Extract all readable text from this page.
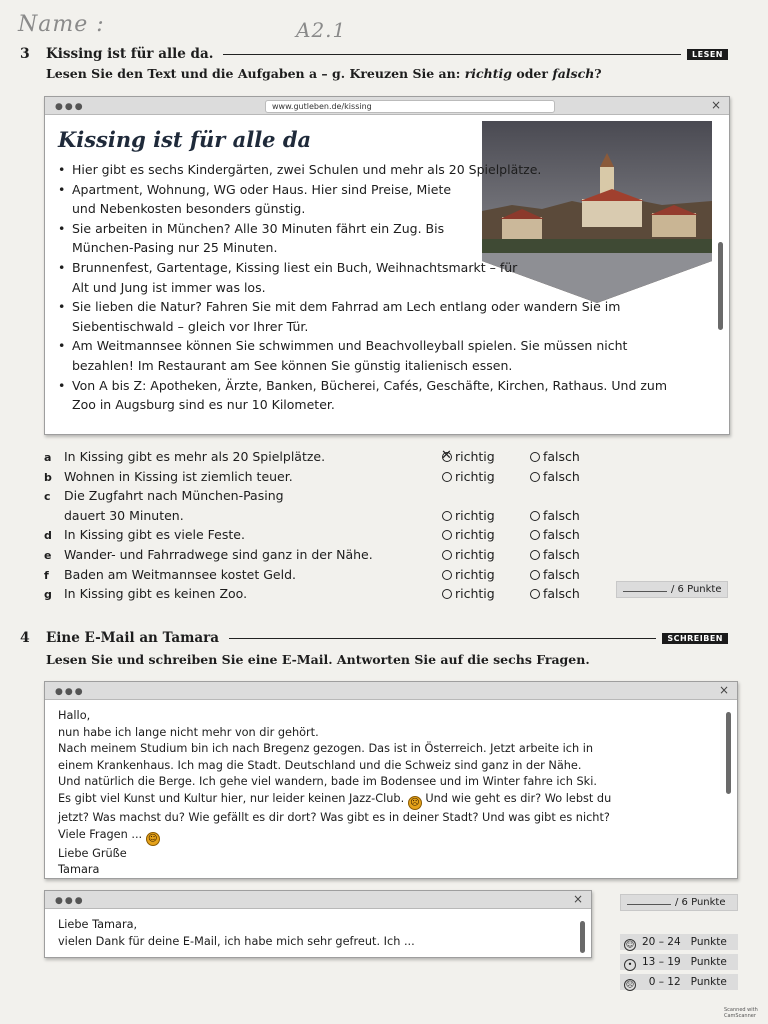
Name :	A2.1
3	Kissing ist für alle da.	LESEN
Lesen Sie den Text und die Aufgaben a – g. Kreuzen Sie an: richtig oder falsch?
●●●	www.gutleben.de/kissing	×
Kissing ist für alle da
• Hier gibt es sechs Kindergärten, zwei Schulen und mehr als 20 Spielplätze.
• Apartment, Wohnung, WG oder Haus. Hier sind Preise, Miete und Nebenkosten besonders günstig.
• Sie arbeiten in München? Alle 30 Minuten fährt ein Zug. Bis München-Pasing nur 25 Minuten.
• Brunnenfest, Gartentage, Kissing liest ein Buch, Weihnachtsmarkt – für Alt und Jung ist immer was los.
• Sie lieben die Natur? Fahren Sie mit dem Fahrrad am Lech entlang oder wandern Sie im Siebentischwald – gleich vor Ihrer Tür.
• Am Weitmannsee können Sie schwimmen und Beachvolleyball spielen. Sie müssen nicht bezahlen! Im Restaurant am See können Sie günstig italienisch essen.
• Von A bis Z: Apotheken, Ärzte, Banken, Bücherei, Cafés, Geschäfte, Kirchen, Rathaus. Und zum Zoo in Augsburg sind es nur 10 Kilometer.
a In Kissing gibt es mehr als 20 Spielplätze.
✕	richtig	falsch
b Wohnen in Kissing ist ziemlich teuer.	richtig	falsch
c Die Zugfahrt nach München-Pasing
dauert 30 Minuten.	richtig	falsch
d In Kissing gibt es viele Feste.	richtig	falsch
e Wander- und Fahrradwege sind ganz in der Nähe.	richtig	falsch
f Baden am Weitmannsee kostet Geld.	richtig	falsch
g In Kissing gibt es keinen Zoo.	richtig	falsch	/ 6 Punkte
4	Eine E-Mail an Tamara	SCHREIBEN
Lesen Sie und schreiben Sie eine E-Mail. Antworten Sie auf die sechs Fragen.
●●●	×
Hallo,
nun habe ich lange nicht mehr von dir gehört.
Nach meinem Studium bin ich nach Bregenz gezogen. Das ist in Österreich. Jetzt arbeite ich in
einem Krankenhaus. Ich mag die Stadt. Deutschland und die Schweiz sind ganz in der Nähe.
Und natürlich die Berge. Ich gehe viel wandern, bade im Bodensee und im Winter fahre ich Ski.
Es gibt viel Kunst und Kultur hier, nur leider keinen Jazz-Club. ☹ Und wie geht es dir? Wo lebst du
jetzt? Was machst du? Wie gefällt es dir dort? Was gibt es in deiner Stadt? Und was gibt es nicht?
Viele Fragen ... ☺
Liebe Grüße
Tamara
●●●	×
Liebe Tamara,
vielen Dank für deine E-Mail, ich habe mich sehr gefreut. Ich ...
/ 6 Punkte
☺ 20 – 24 Punkte
• 13 – 19 Punkte
☹ 0 – 12 Punkte
Scanned with
CamScanner
